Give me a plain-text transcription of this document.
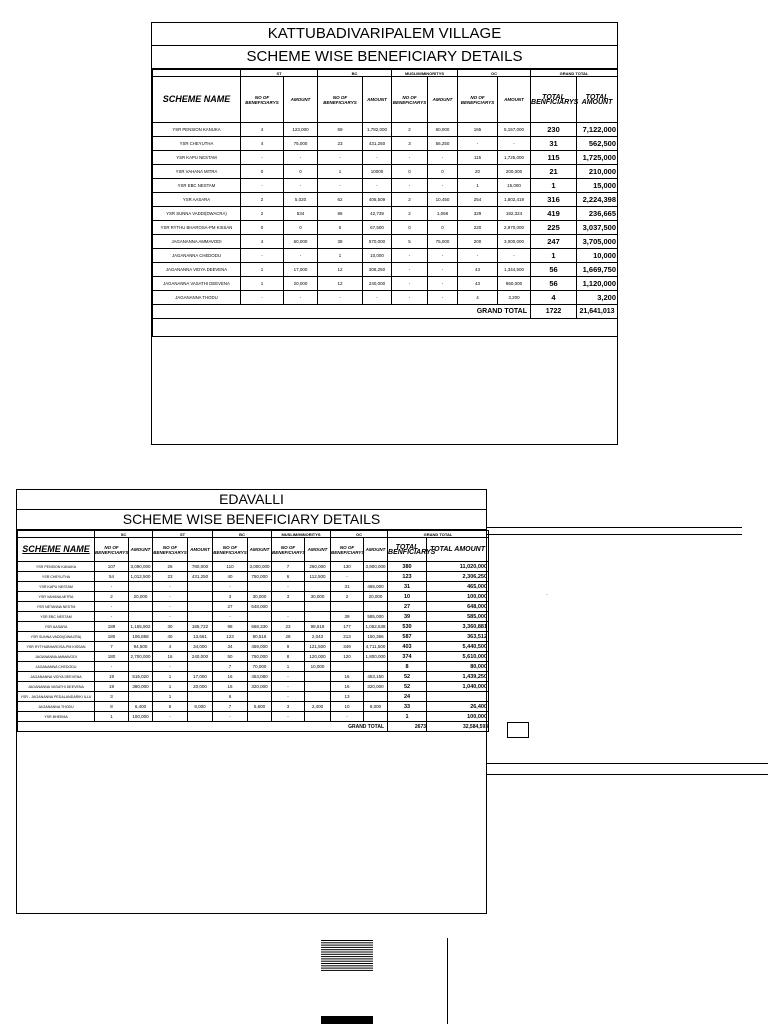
KATTUBADIVARIPALEM VILLAGE
SCHEME WISE BENEFICIARY DETAILS
	ST		BC		MUSLIM/MINORITYS		OC		GRAND TOTAL	
SCHEME NAME	NO OF BENEFICIARYS	AMOUNT	NO OF BENEFICIARYS	AMOUNT	NO OF BENEFICIARYS	AMOUNT	NO OF BENEFICIARYS	AMOUNT	TOTAL BENFICIARYS	TOTAL AMOUNT
YSR PENSION KANUKA	4	123,000	59	1,782,000	2	60,000	165	5,157,000	230	7,122,000
YSR CHEYUTHA	4	75,000	23	431,250	3	56,250	-	-	31	562,500
YSR KAPU NESTAM	-	-	-	-	-	-	115	1,725,000	115	1,725,000
YSR VAHANA MITRA	0	0	1	10000	0	0	20	200,000	21	210,000
YSR EBC NESTAM	-	-	-	-	-	-	1	15,000	1	15,000
YSR AASARA	2	5,020	62	406,509	2	10,450	254	1,802,419	316	2,224,398
YSR SUNNA VADDI(DWACRA)	2	534	86	42,739	2	1,068	329	192,324	419	236,665
YSR RYTHU BHAROSA-PM KISSAN	0	0	5	67,500	0	0	220	2,970,000	225	3,037,500
JAGANANNA AMMAVODI	4	60,000	38	570,000	5	75,000	200	3,000,000	247	3,705,000
JAGANANNA CHEDODU	-	-	1	10,000	-	-	-	-	1	10,000
JAGANANNA VIDYA DEEVENA	1	17,000	12	308,250	-	-	43	1,344,500	56	1,669,750
JAGANANNA VASATHI DEEVENA	1	20,000	12	240,000	-	-	43	860,000	56	1,120,000
JAGANANNA THODU	-	-	-	-	-	-	4	3,200	4	3,200
GRAND TOTAL									1722	21,641,013

EDAVALLI
SCHEME WISE BENEFICIARY DETAILS
	SC		ST		BC		MUSLIM/MINORITYS		OC		GRAND TOTAL	
SCHEME NAME	NO OF BENEFICIARYS	AMOUNT	NO OF BENEFICIARYS	AMOUNT	NO OF BENEFICIARYS	AMOUNT	NO OF BENEFICIARYS	AMOUNT	NO OF BENEFICIARYS	AMOUNT	TOTAL BENFICIARYS	TOTAL AMOUNT
YSR PENSION KANUKA	107	3,090,000	26	780,000	110	3,000,000	7	260,000	130	3,900,000	380	11,020,000
YSR CHEYUTHA	54	1,012,500	23	431,250	40	750,000	6	112,500	-		123	2,306,250
YSR KAPU NESTAM	-		-		-		-		31	465,000	31	465,000
YSR VAHANA MITRA	2	20,000	-		3	30,000	3	30,000	2	20,000	10	100,000
YSR NETANNA NESTM	-		-		27	648,000					27	648,000
YSR EBC NESTAM	-		-		-		-		39	585,000	39	585,000
YSR AASARA	189	1,155,902	30	185,722	98	668,330	23	98,519	177	1,062,538	530	3,360,881
YSR SUNNA VADDI(DWACRA)	180	106,858	40	13,661	123	90,516	28	2,043	213	150,366	587	363,512
YSR RYTHUBHAROSA-PM KISSAN	7	94,500	4	34,000	34	459,000	9	121,500	349	4,711,500	403	5,440,500
JAGANANNA AMMAVODI	180	2,700,000	16	240,000	50	750,000	8	120,000	120	1,800,000	374	5,610,000
JAGANANNA CHEDODU	-		-		7	70,000	1	10,000			8	80,000
JAGANANNA VIDYA DEEVENA	19	515,020	1	17,000	16	453,080	-		16	453,150	52	1,439,250
JAGANANNA VASATHI DEEVENA	19	380,000	1	20,000	16	320,000	-		16	320,000	52	1,040,000
YSR - JAGANANNA PEDALANDARIKI ILLU	3		1		6		-		13		24	
JAGANANNA THODU	8	6,400	5	8,000	7	5,600	3	2,400	10	8,000	33	26,400
YSR BHEEMA	1	100,000	-		-		-		-		1	100,000
GRAND TOTAL											2673	32,584,593
·
